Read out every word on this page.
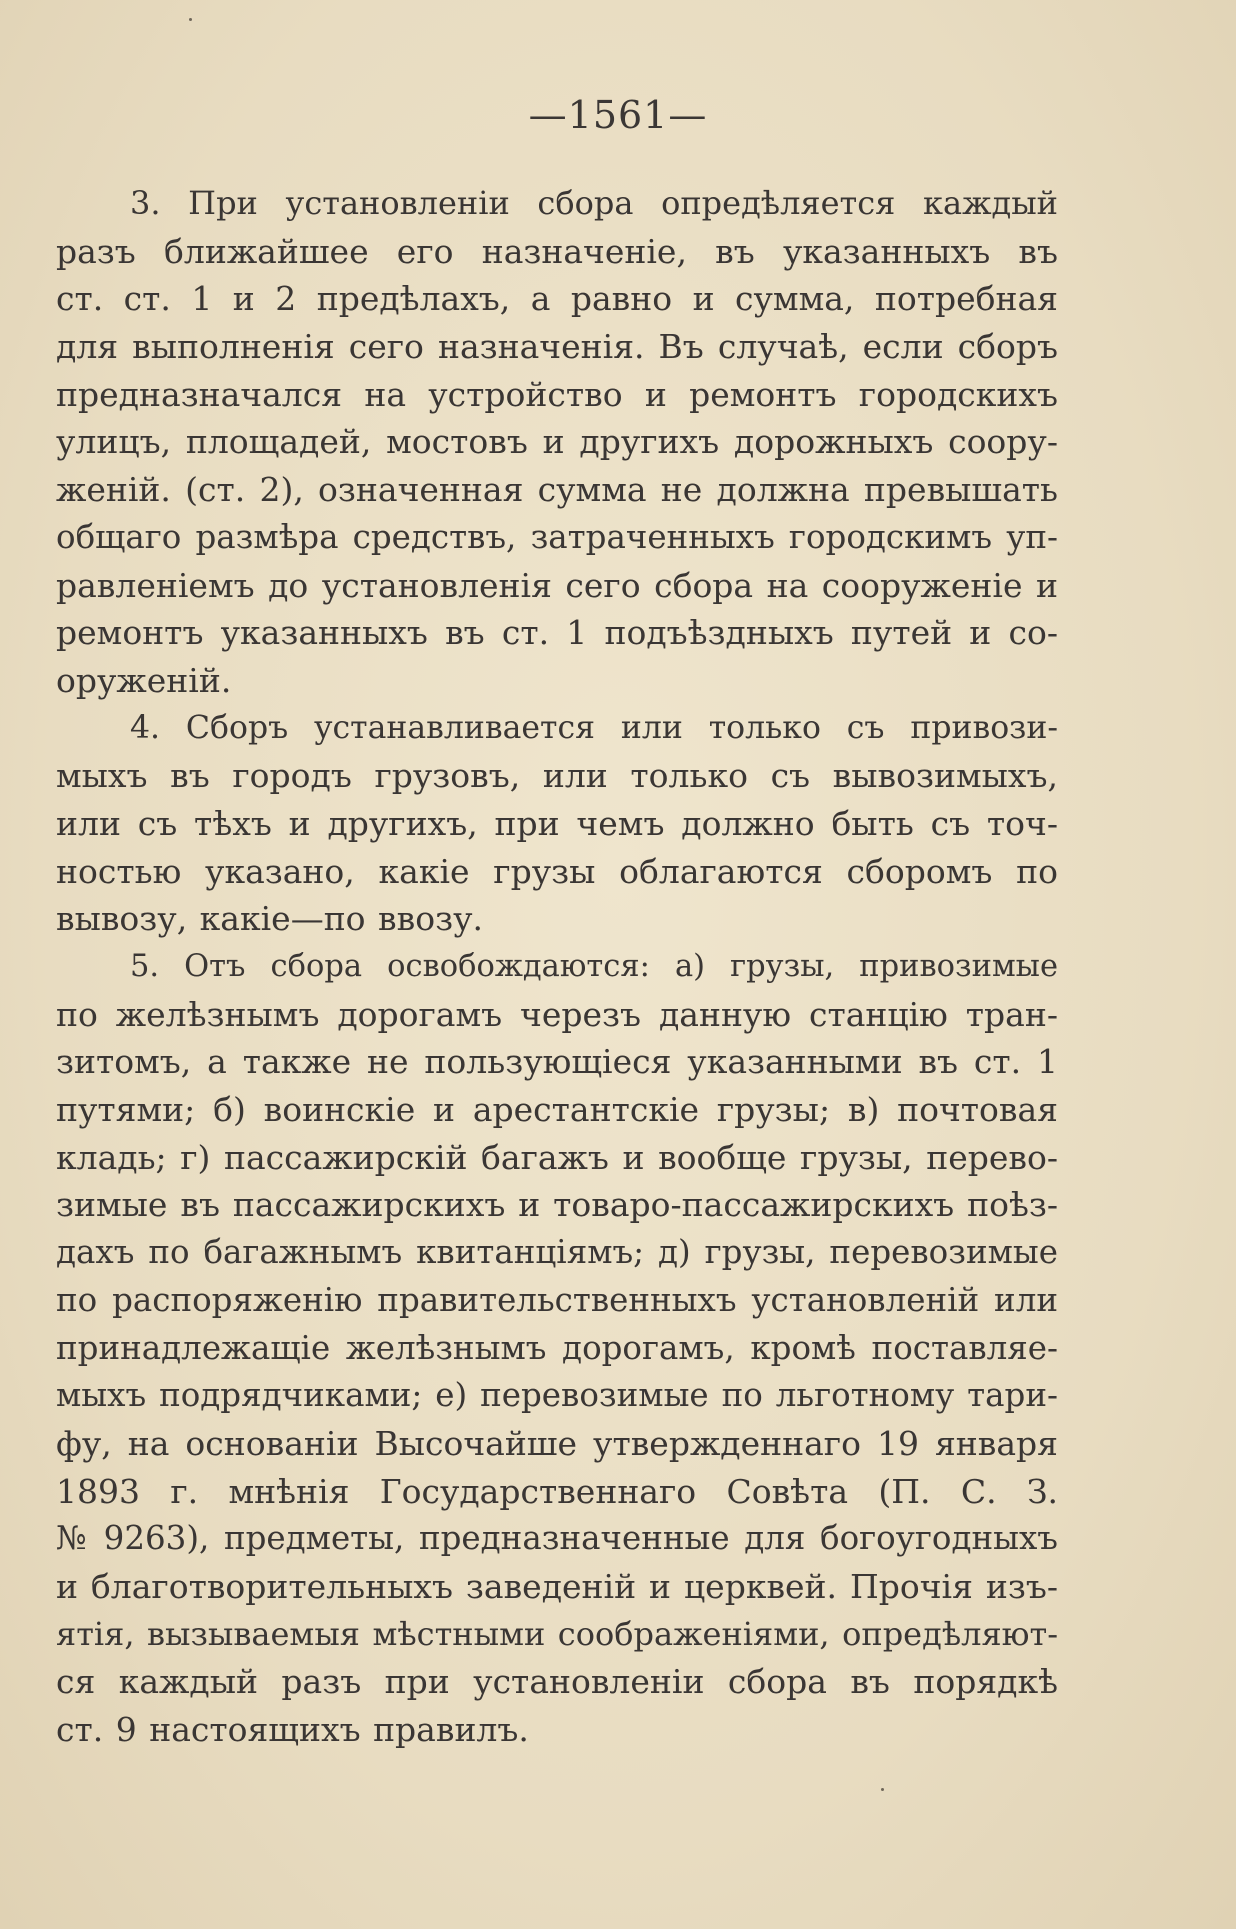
—1561—
3. При установленіи сбора опредѣляется каждый
разъ ближайшее его назначеніе, въ указанныхъ въ
ст. ст. 1 и 2 предѣлахъ, а равно и сумма, потребная
для выполненія сего назначенія. Въ случаѣ, если сборъ
предназначался на устройство и ремонтъ городскихъ
улицъ, площадей, мостовъ и другихъ дорожныхъ соору-
женій. (ст. 2), означенная сумма не должна превышать
общаго размѣра средствъ, затраченныхъ городскимъ уп-
равленіемъ до установленія сего сбора на сооруженіе и
ремонтъ указанныхъ въ ст. 1 подъѣздныхъ путей и со-
оруженій.
4. Сборъ устанавливается или только съ привози-
мыхъ въ городъ грузовъ, или только съ вывозимыхъ,
или съ тѣхъ и другихъ, при чемъ должно быть съ точ-
ностью указано, какіе грузы облагаются сборомъ по
вывозу, какіе—по ввозу.
5. Отъ сбора освобождаются: а) грузы, привозимые
по желѣзнымъ дорогамъ черезъ данную станцію тран-
зитомъ, а также не пользующіеся указанными въ ст. 1
путями; б) воинскіе и арестантскіе грузы; в) почтовая
кладь; г) пассажирскій багажъ и вообще грузы, перево-
зимые въ пассажирскихъ и товаро-пассажирскихъ поѣз-
дахъ по багажнымъ квитанціямъ; д) грузы, перевозимые
по распоряженію правительственныхъ установленій или
принадлежащіе желѣзнымъ дорогамъ, кромѣ поставляе-
мыхъ подрядчиками; е) перевозимые по льготному тари-
фу, на основаніи Высочайше утвержденнаго 19 января
1893 г. мнѣнія Государственнаго Совѣта (П. С. З.
№ 9263), предметы, предназначенные для богоугодныхъ
и благотворительныхъ заведеній и церквей. Прочія изъ-
ятія, вызываемыя мѣстными соображеніями, опредѣляют-
ся каждый разъ при установленіи сбора въ порядкѣ
ст. 9 настоящихъ правилъ.
